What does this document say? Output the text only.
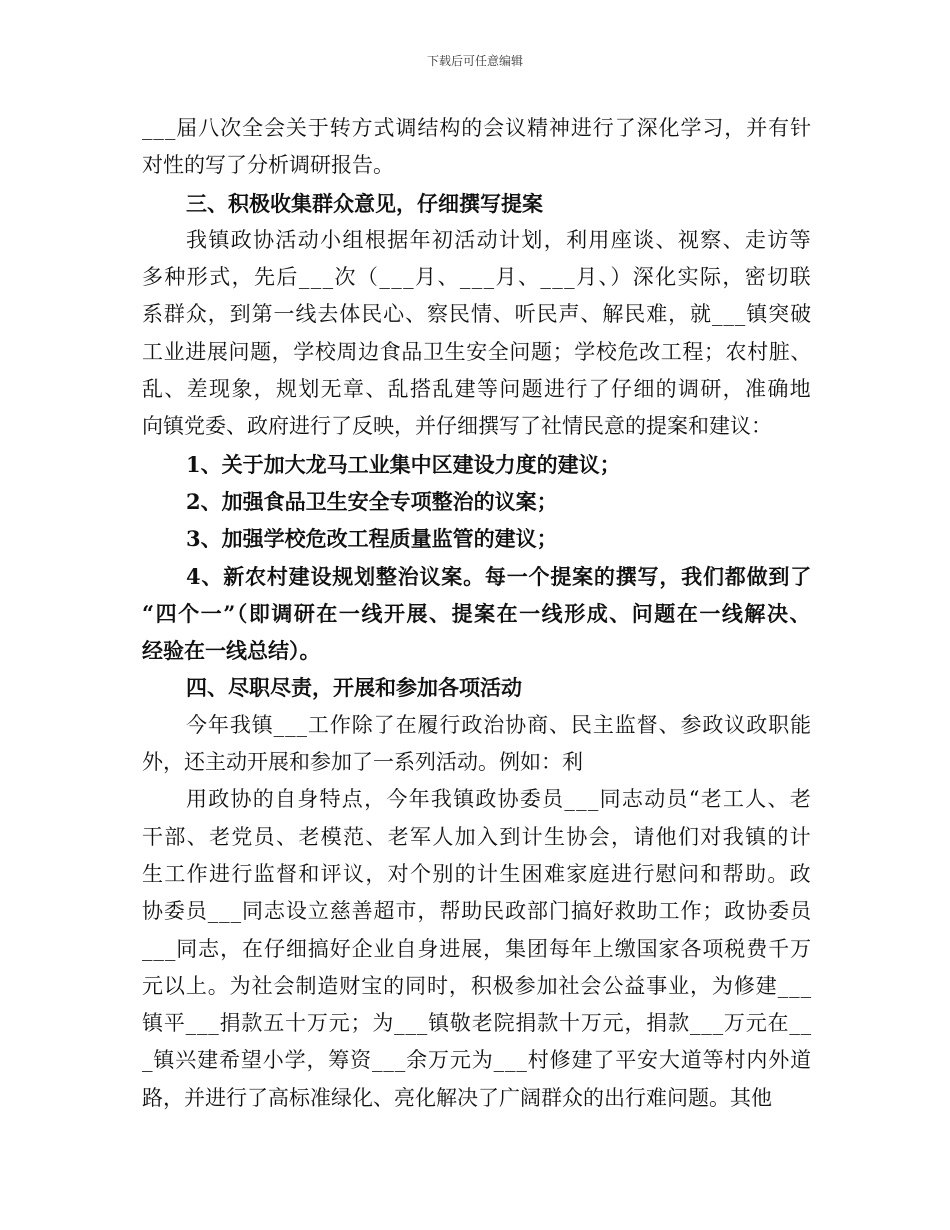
下载后可任意编辑
___届八次全会关于转方式调结构的会议精神进行了深化学习，并有针
对性的写了分析调研报告。
三、积极收集群众意见，仔细撰写提案
我镇政协活动小组根据年初活动计划，利用座谈、视察、走访等
多种形式，先后___次（___月、___月、___月、）深化实际，密切联
系群众，到第一线去体民心、察民情、听民声、解民难，就___镇突破
工业进展问题，学校周边食品卫生安全问题；学校危改工程；农村脏、
乱、差现象，规划无章、乱搭乱建等问题进行了仔细的调研，准确地
向镇党委、政府进行了反映，并仔细撰写了社情民意的提案和建议：
1、关于加大龙马工业集中区建设力度的建议；
2、加强食品卫生安全专项整治的议案；
3、加强学校危改工程质量监管的建议；
4、新农村建设规划整治议案。每一个提案的撰写，我们都做到了
“四个一”（即调研在一线开展、提案在一线形成、问题在一线解决、
经验在一线总结）。
四、尽职尽责，开展和参加各项活动
今年我镇___工作除了在履行政治协商、民主监督、参政议政职能
外，还主动开展和参加了一系列活动。例如：利
用政协的自身特点，今年我镇政协委员___同志动员“老工人、老
干部、老党员、老模范、老军人加入到计生协会，请他们对我镇的计
生工作进行监督和评议，对个别的计生困难家庭进行慰问和帮助。政
协委员___同志设立慈善超市，帮助民政部门搞好救助工作；政协委员
___同志，在仔细搞好企业自身进展，集团每年上缴国家各项税费千万
元以上。为社会制造财宝的同时，积极参加社会公益事业，为修建___
镇平___捐款五十万元；为___镇敬老院捐款十万元，捐款___万元在__
_镇兴建希望小学，筹资___余万元为___村修建了平安大道等村内外道
路，并进行了高标准绿化、亮化解决了广阔群众的出行难问题。其他
